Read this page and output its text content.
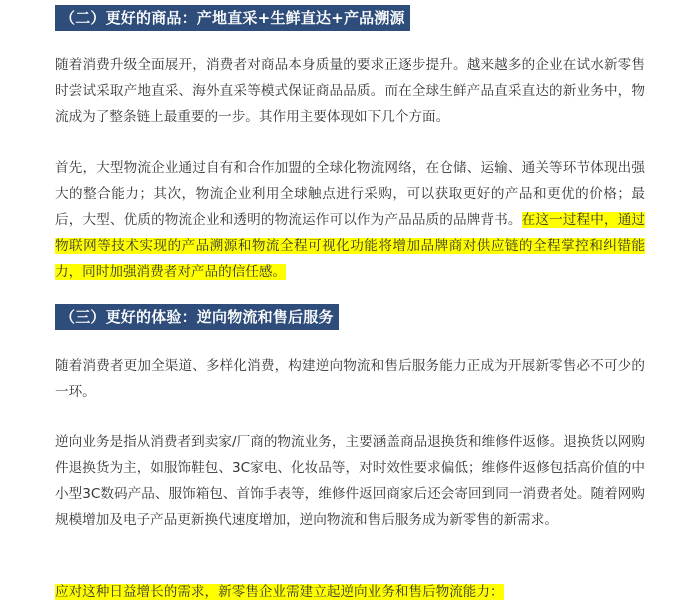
（二）更好的商品：产地直采+生鲜直达+产品溯源

随着消费升级全面展开，消费者对商品本身质量的要求正逐步提升。越来越多的企业在试水新零售时尝试采取产地直采、海外直采等模式保证商品品质。而在全球生鲜产品直采直达的新业务中，物流成为了整条链上最重要的一步。其作用主要体现如下几个方面。

首先，大型物流企业通过自有和合作加盟的全球化物流网络，在仓储、运输、通关等环节体现出强大的整合能力；其次，物流企业利用全球触点进行采购，可以获取更好的产品和更优的价格；最后，大型、优质的物流企业和透明的物流运作可以作为产品品质的品牌背书。在这一过程中，通过物联网等技术实现的产品溯源和物流全程可视化功能将增加品牌商对供应链的全程掌控和纠错能力，同时加强消费者对产品的信任感。

（三）更好的体验：逆向物流和售后服务

随着消费者更加全渠道、多样化消费，构建逆向物流和售后服务能力正成为开展新零售必不可少的一环。

逆向业务是指从消费者到卖家/厂商的物流业务，主要涵盖商品退换货和维修件返修。退换货以网购件退换货为主，如服饰鞋包、3C家电、化妆品等，对时效性要求偏低；维修件返修包括高价值的中小型3C数码产品、服饰箱包、首饰手表等，维修件返回商家后还会寄回到同一消费者处。随着网购规模增加及电子产品更新换代速度增加，逆向物流和售后服务成为新零售的新需求。

应对这种日益增长的需求，新零售企业需建立起逆向业务和售后物流能力：
